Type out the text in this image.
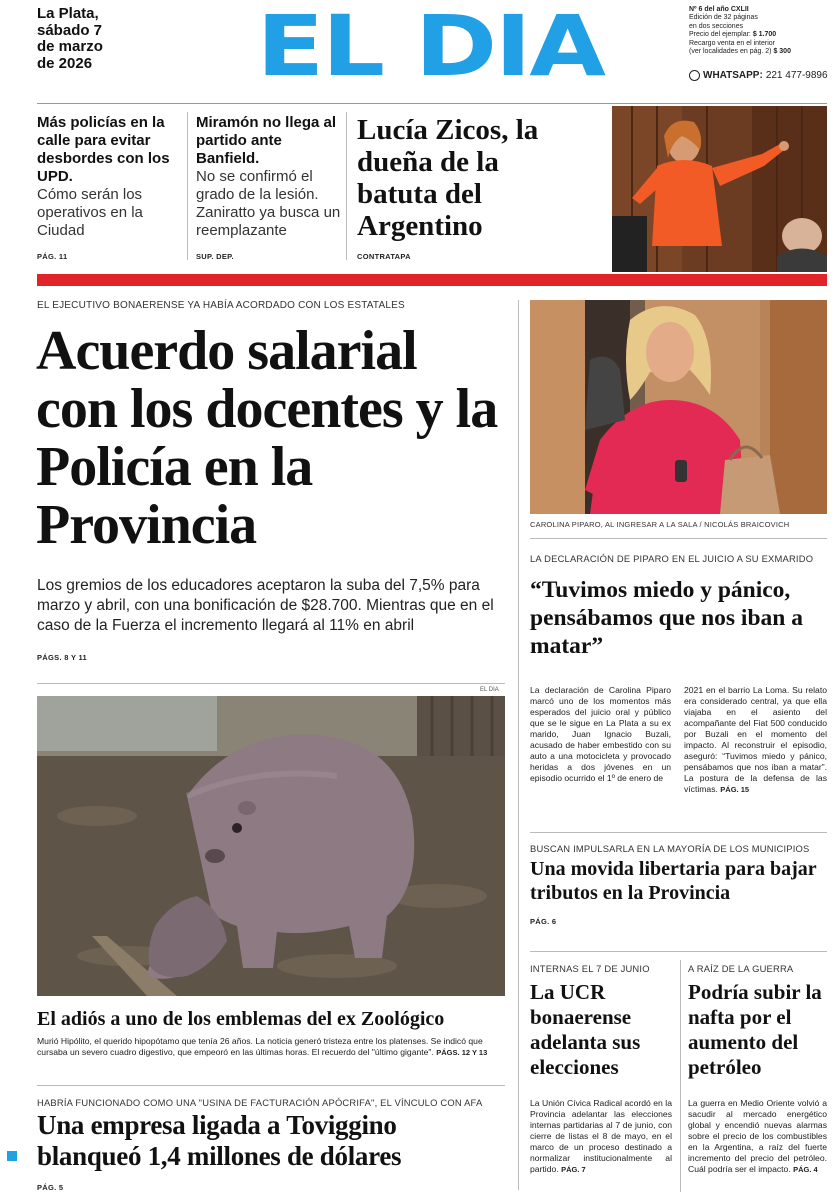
La Plata,
sábado 7
de marzo
de 2026 EL DIA	Nº 6 del año CXLII
Edición de 32 páginas
en dos secciones
Precio del ejemplar: $ 1.700
Recargo venta en el interior
(ver localidades en pág. 2) $ 300
WHATSAPP: 221 477-9896
Más policías en la calle para evitar desbordes con los UPD.
Cómo serán los operativos en la Ciudad
PÁG. 11
Miramón no llega al partido ante Banfield.
No se confirmó el grado de la lesión. Zaniratto ya busca un reemplazante
SUP. DEP.
Lucía Zicos, la dueña de la batuta del Argentino
CONTRATAPA
EL EJECUTIVO BONAERENSE YA HABÍA ACORDADO CON LOS ESTATALES
Acuerdo salarial con los docentes y la Policía en la Provincia
Los gremios de los educadores aceptaron la suba del 7,5% para marzo y abril, con una bonificación de $28.700. Mientras que en el caso de la Fuerza el incremento llegará al 11% en abril
PÁGS. 8 Y 11
EL DIA
El adiós a uno de los emblemas del ex Zoológico
Murió Hipólito, el querido hipopótamo que tenía 26 años. La noticia generó tristeza entre los platenses. Se indicó que cursaba un severo cuadro digestivo, que empeoró en las últimas horas. El recuerdo del "último gigante". PÁGS. 12 Y 13
HABRÍA FUNCIONADO COMO UNA "USINA DE FACTURACIÓN APÓCRIFA", EL VÍNCULO CON AFA
Una empresa ligada a Toviggino blanqueó 1,4 millones de dólares
PÁG. 5
CAROLINA PIPARO, AL INGRESAR A LA SALA / NICOLÁS BRAICOVICH
LA DECLARACIÓN DE PIPARO EN EL JUICIO A SU EXMARIDO
“Tuvimos miedo y pánico, pensábamos que nos iban a matar”
La declaración de Carolina Piparo marcó uno de los momentos más esperados del juicio oral y público que se le sigue en La Plata a su ex marido, Juan Ignacio Buzali, acusado de haber embestido con su auto a una motocicleta y provocado heridas a dos jóvenes en un episodio ocurrido el 1º de enero de
2021 en el barrio La Loma. Su relato era considerado central, ya que ella viajaba en el asiento del acompañante del Fiat 500 conducido por Buzali en el momento del impacto. Al reconstruir el episodio, aseguró: “Tuvimos miedo y pánico, pensábamos que nos iban a matar”. La postura de la defensa de las víctimas. PÁG. 15
BUSCAN IMPULSARLA EN LA MAYORÍA DE LOS MUNICIPIOS
Una movida libertaria para bajar tributos en la Provincia
PÁG. 6
INTERNAS EL 7 DE JUNIO
La UCR bonaerense adelanta sus elecciones
La Unión Cívica Radical acordó en la Provincia adelantar las elecciones internas partidarias al 7 de junio, con cierre de listas el 8 de mayo, en el marco de un proceso destinado a normalizar institucionalmente al partido. PÁG. 7
A RAÍZ DE LA GUERRA
Podría subir la nafta por el aumento del petróleo
La guerra en Medio Oriente volvió a sacudir al mercado energético global y encendió nuevas alarmas sobre el precio de los combustibles en la Argentina, a raíz del fuerte incremento del precio del petróleo. Cuál podría ser el impacto. PÁG. 4
